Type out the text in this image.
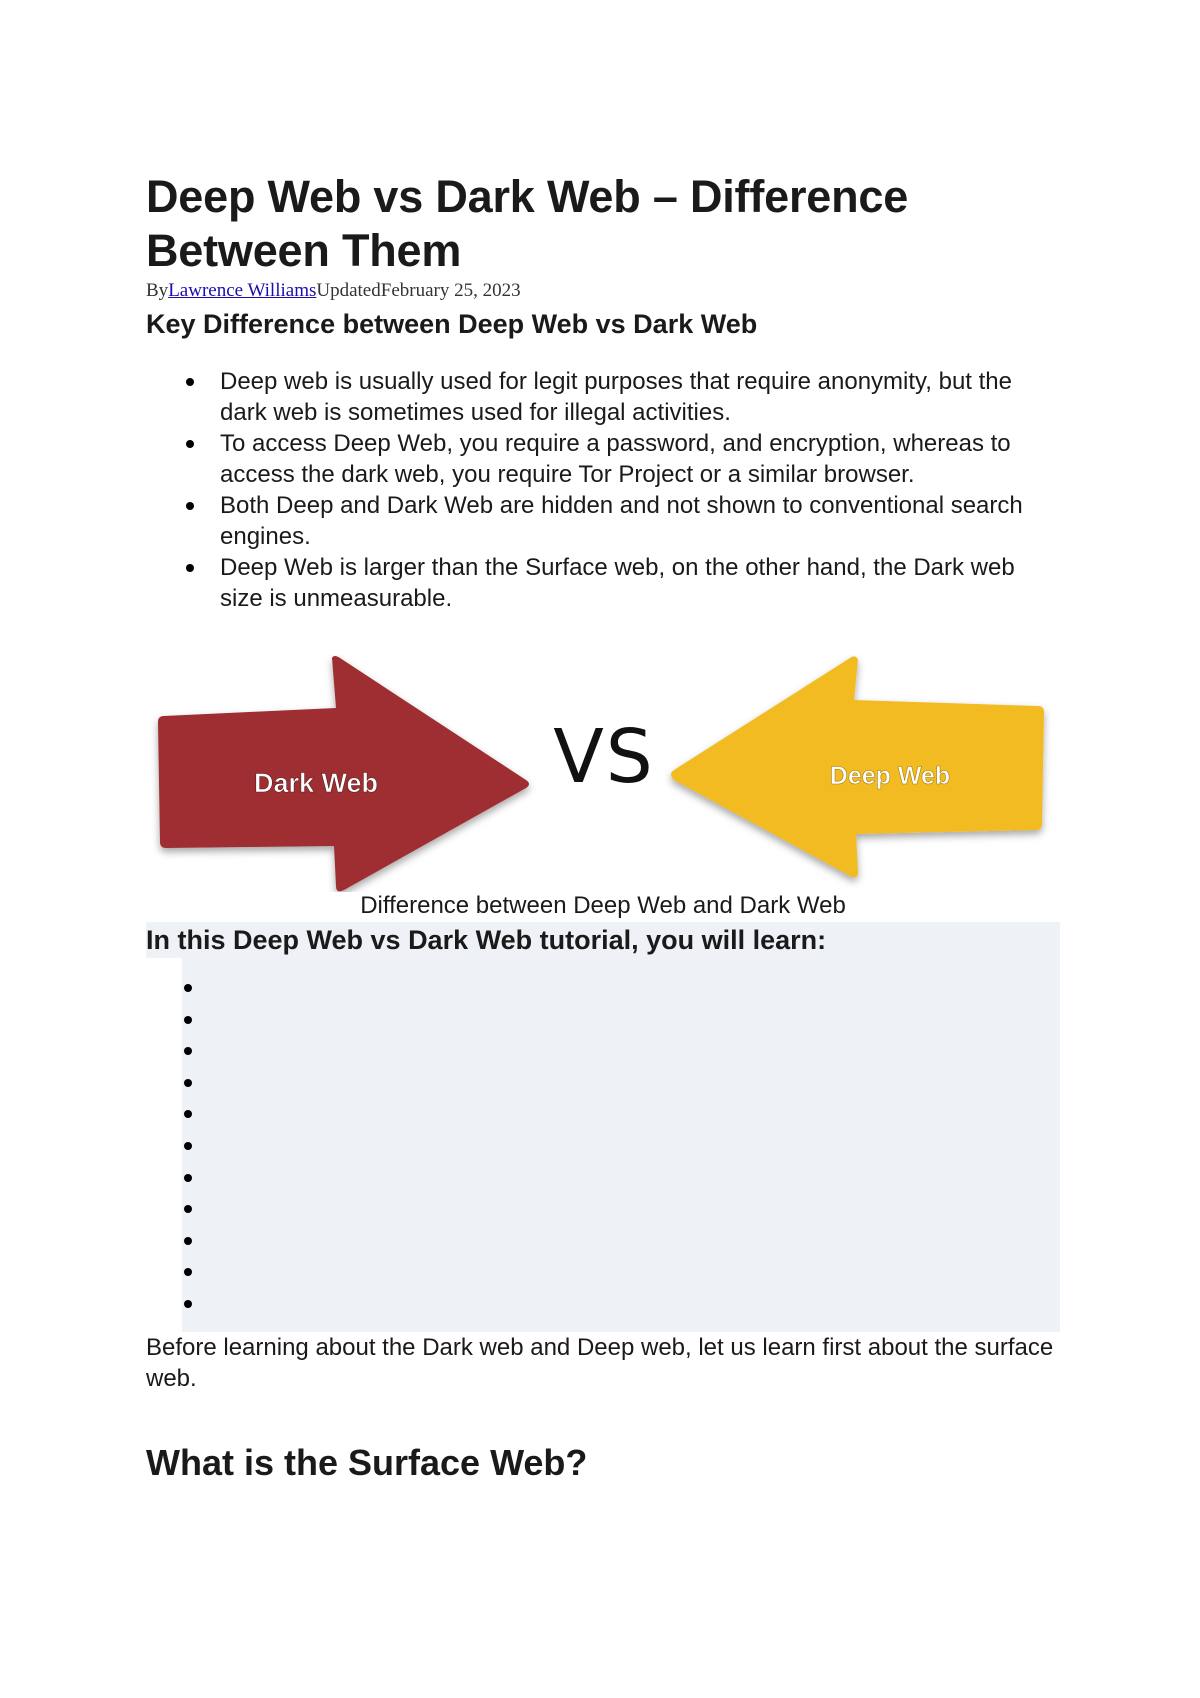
Deep Web vs Dark Web – Difference Between Them
ByLawrence WilliamsUpdatedFebruary 25, 2023
Key Difference between Deep Web vs Dark Web
Deep web is usually used for legit purposes that require anonymity, but the dark web is sometimes used for illegal activities.
To access Deep Web, you require a password, and encryption, whereas to access the dark web, you require Tor Project or a similar browser.
Both Deep and Dark Web are hidden and not shown to conventional search engines.
Deep Web is larger than the Surface web, on the other hand, the Dark web size is unmeasurable.
Dark Web VS	Deep Web
Difference between Deep Web and Dark Web
In this Deep Web vs Dark Web tutorial, you will learn:

Before learning about the Dark web and Deep web, let us learn first about the surface web.

What is the Surface Web?
